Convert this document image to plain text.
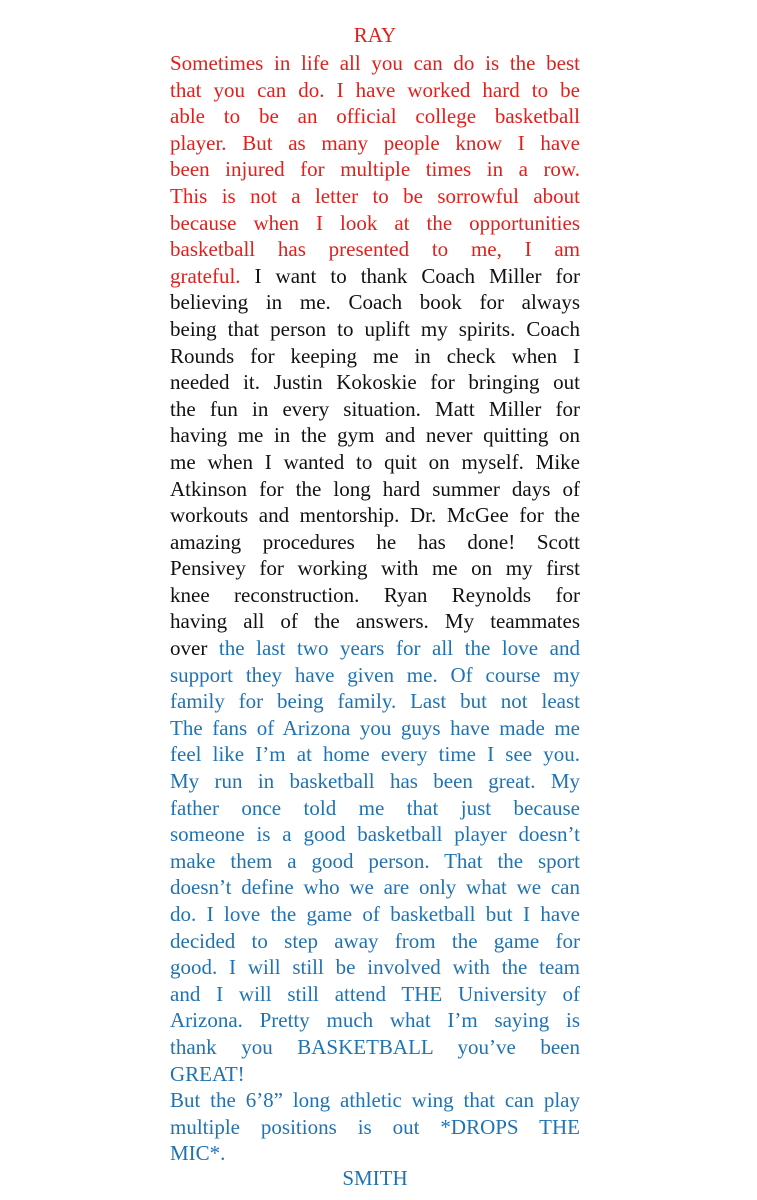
RAY
Sometimes in life all you can do is the best
that you can do. I have worked hard to be
able to be an official college basketball
player. But as many people know I have
been injured for multiple times in a row.
This is not a letter to be sorrowful about
because when I look at the opportunities
basketball has presented to me, I am
grateful. I want to thank Coach Miller for
believing in me. Coach book for always
being that person to uplift my spirits. Coach
Rounds for keeping me in check when I
needed it. Justin Kokoskie for bringing out
the fun in every situation. Matt Miller for
having me in the gym and never quitting on
me when I wanted to quit on myself. Mike
Atkinson for the long hard summer days of
workouts and mentorship. Dr. McGee for the
amazing procedures he has done! Scott
Pensivey for working with me on my first
knee reconstruction. Ryan Reynolds for
having all of the answers. My teammates
over the last two years for all the love and
support they have given me. Of course my
family for being family. Last but not least
The fans of Arizona you guys have made me
feel like I’m at home every time I see you.
My run in basketball has been great. My
father once told me that just because
someone is a good basketball player doesn’t
make them a good person. That the sport
doesn’t define who we are only what we can
do. I love the game of basketball but I have
decided to step away from the game for
good. I will still be involved with the team
and I will still attend THE University of
Arizona. Pretty much what I’m saying is
thank you BASKETBALL you’ve been
GREAT!
But the 6’8” long athletic wing that can play
multiple positions is out *DROPS THE
MIC*.
SMITH
